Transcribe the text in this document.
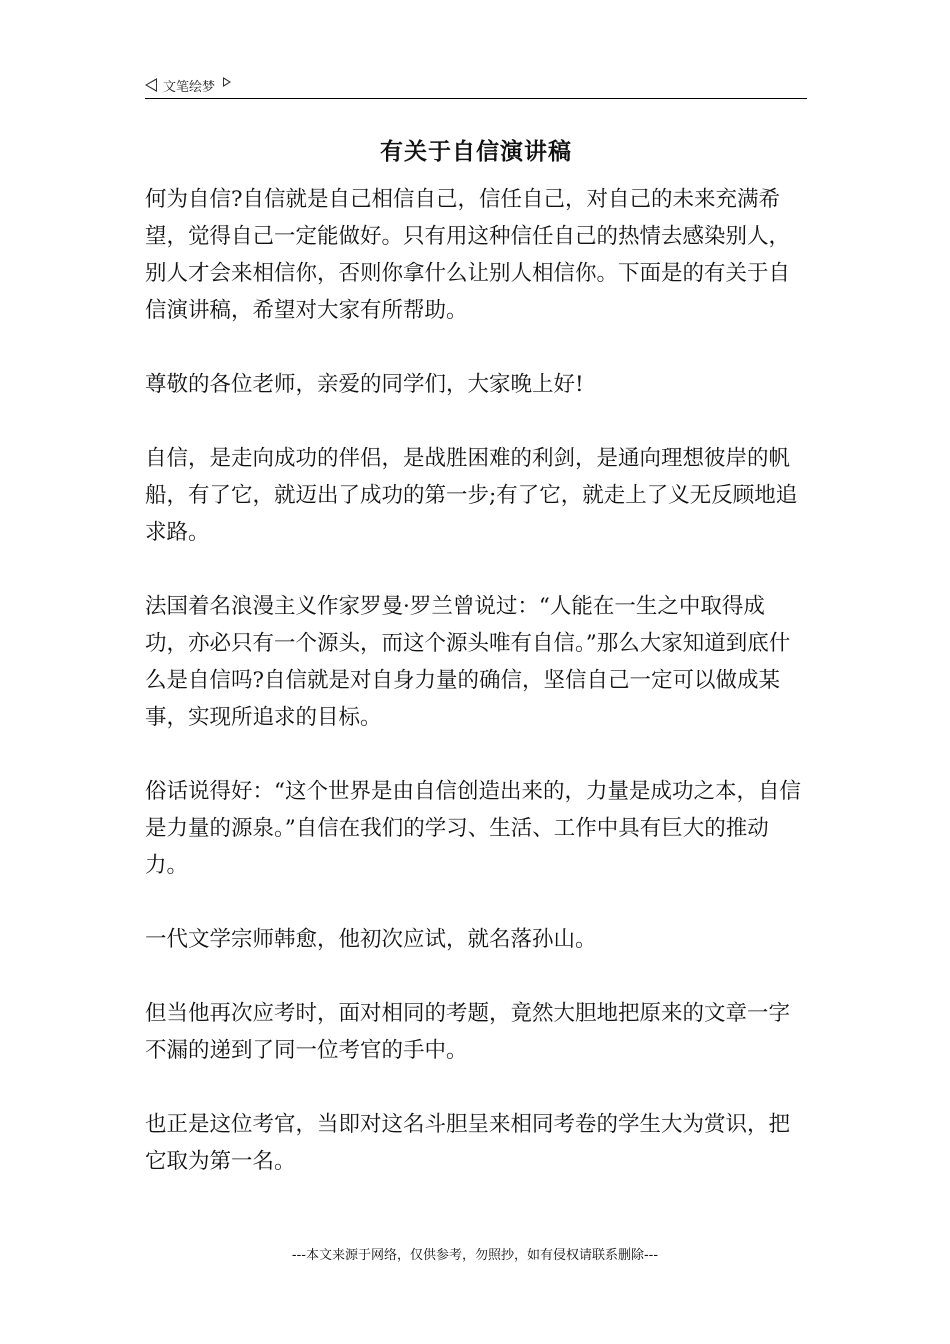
文笔绘梦
有关于自信演讲稿

何为自信?自信就是自己相信自己，信任自己，对自己的未来充满希望，觉得自己一定能做好。只有用这种信任自己的热情去感染别人，别人才会来相信你，否则你拿什么让别人相信你。下面是的有关于自信演讲稿，希望对大家有所帮助。

尊敬的各位老师，亲爱的同学们，大家晚上好!

自信，是走向成功的伴侣，是战胜困难的利剑，是通向理想彼岸的帆船，有了它，就迈出了成功的第一步;有了它，就走上了义无反顾地追求路。

法国着名浪漫主义作家罗曼·罗兰曾说过：“人能在一生之中取得成功，亦必只有一个源头，而这个源头唯有自信。”那么大家知道到底什么是自信吗?自信就是对自身力量的确信，坚信自己一定可以做成某事，实现所追求的目标。

俗话说得好：“这个世界是由自信创造出来的，力量是成功之本，自信是力量的源泉。”自信在我们的学习、生活、工作中具有巨大的推动力。

一代文学宗师韩愈，他初次应试，就名落孙山。

但当他再次应考时，面对相同的考题，竟然大胆地把原来的文章一字不漏的递到了同一位考官的手中。

也正是这位考官，当即对这名斗胆呈来相同考卷的学生大为赏识，把它取为第一名。

---本文来源于网络，仅供参考，勿照抄，如有侵权请联系删除---
